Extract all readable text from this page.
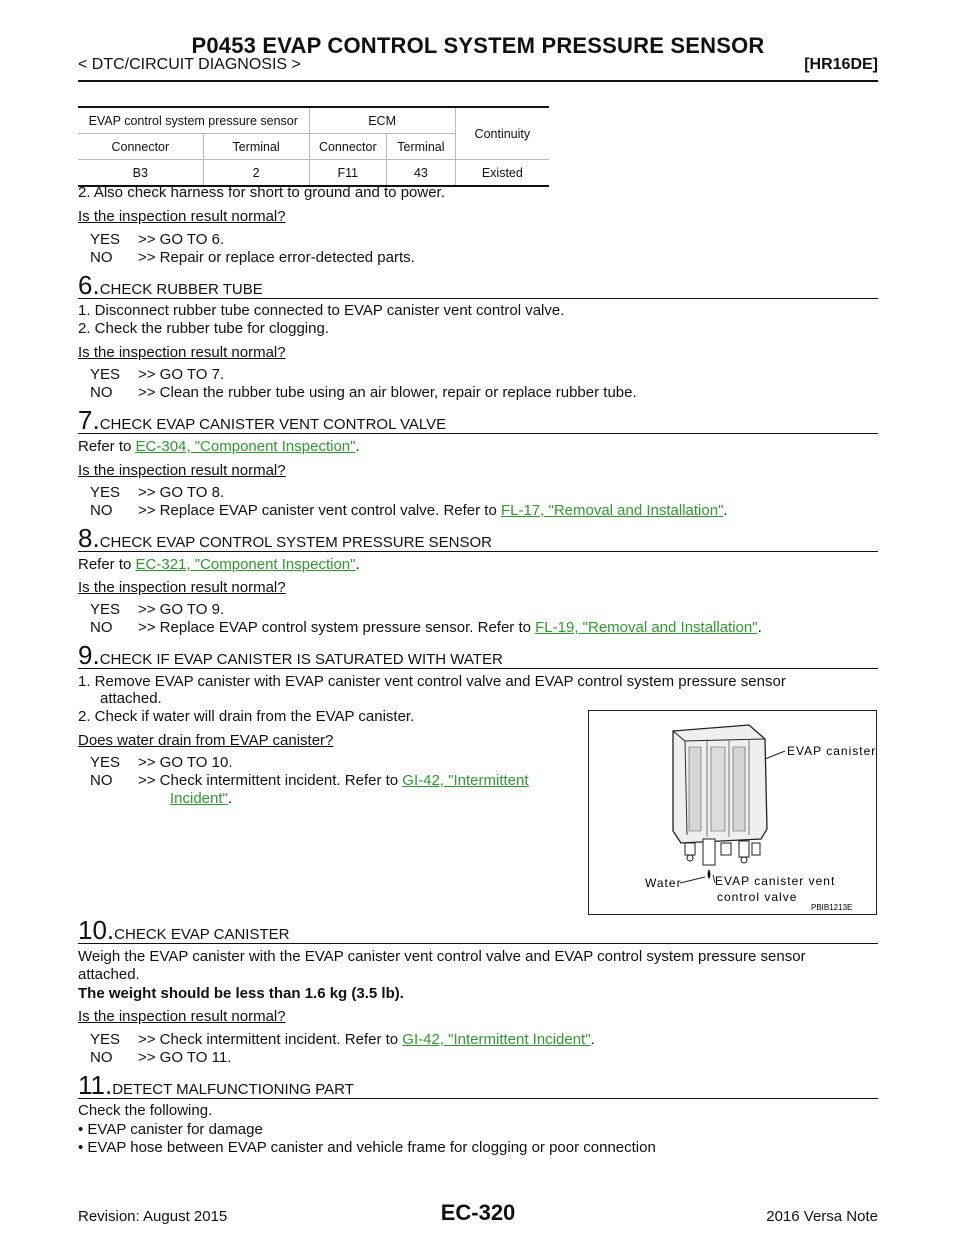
P0453 EVAP CONTROL SYSTEM PRESSURE SENSOR
< DTC/CIRCUIT DIAGNOSIS >	[HR16DE]
EVAP control system pressure sensor		ECM		Continuity
Connector	Terminal	Connector	Terminal	
B3	2	F11	43	Existed
2. Also check harness for short to ground and to power.
Is the inspection result normal?
YES >> GO TO 6.
NO >> Repair or replace error-detected parts.
6.CHECK RUBBER TUBE
1. Disconnect rubber tube connected to EVAP canister vent control valve.
2. Check the rubber tube for clogging.
Is the inspection result normal?
YES >> GO TO 7.
NO >> Clean the rubber tube using an air blower, repair or replace rubber tube.
7.CHECK EVAP CANISTER VENT CONTROL VALVE
Refer to EC-304, "Component Inspection".
Is the inspection result normal?
YES >> GO TO 8.
NO >> Replace EVAP canister vent control valve. Refer to FL-17, "Removal and Installation".
8.CHECK EVAP CONTROL SYSTEM PRESSURE SENSOR
Refer to EC-321, "Component Inspection".
Is the inspection result normal?
YES >> GO TO 9.
NO >> Replace EVAP control system pressure sensor. Refer to FL-19, "Removal and Installation".
9.CHECK IF EVAP CANISTER IS SATURATED WITH WATER
1. Remove EVAP canister with EVAP canister vent control valve and EVAP control system pressure sensor
attached.
2. Check if water will drain from the EVAP canister.
Does water drain from EVAP canister?
YES >> GO TO 10.
NO >> Check intermittent incident. Refer to GI-42, "Intermittent
Incident".
EVAP canister
Water	EVAP canister vent
control valve
PBIB1213E
10.CHECK EVAP CANISTER
Weigh the EVAP canister with the EVAP canister vent control valve and EVAP control system pressure sensor
attached.
The weight should be less than 1.6 kg (3.5 lb).
Is the inspection result normal?
YES >> Check intermittent incident. Refer to GI-42, "Intermittent Incident".
NO >> GO TO 11.
11.DETECT MALFUNCTIONING PART
Check the following.
• EVAP canister for damage
• EVAP hose between EVAP canister and vehicle frame for clogging or poor connection
Revision: August 2015	EC-320	2016 Versa Note
